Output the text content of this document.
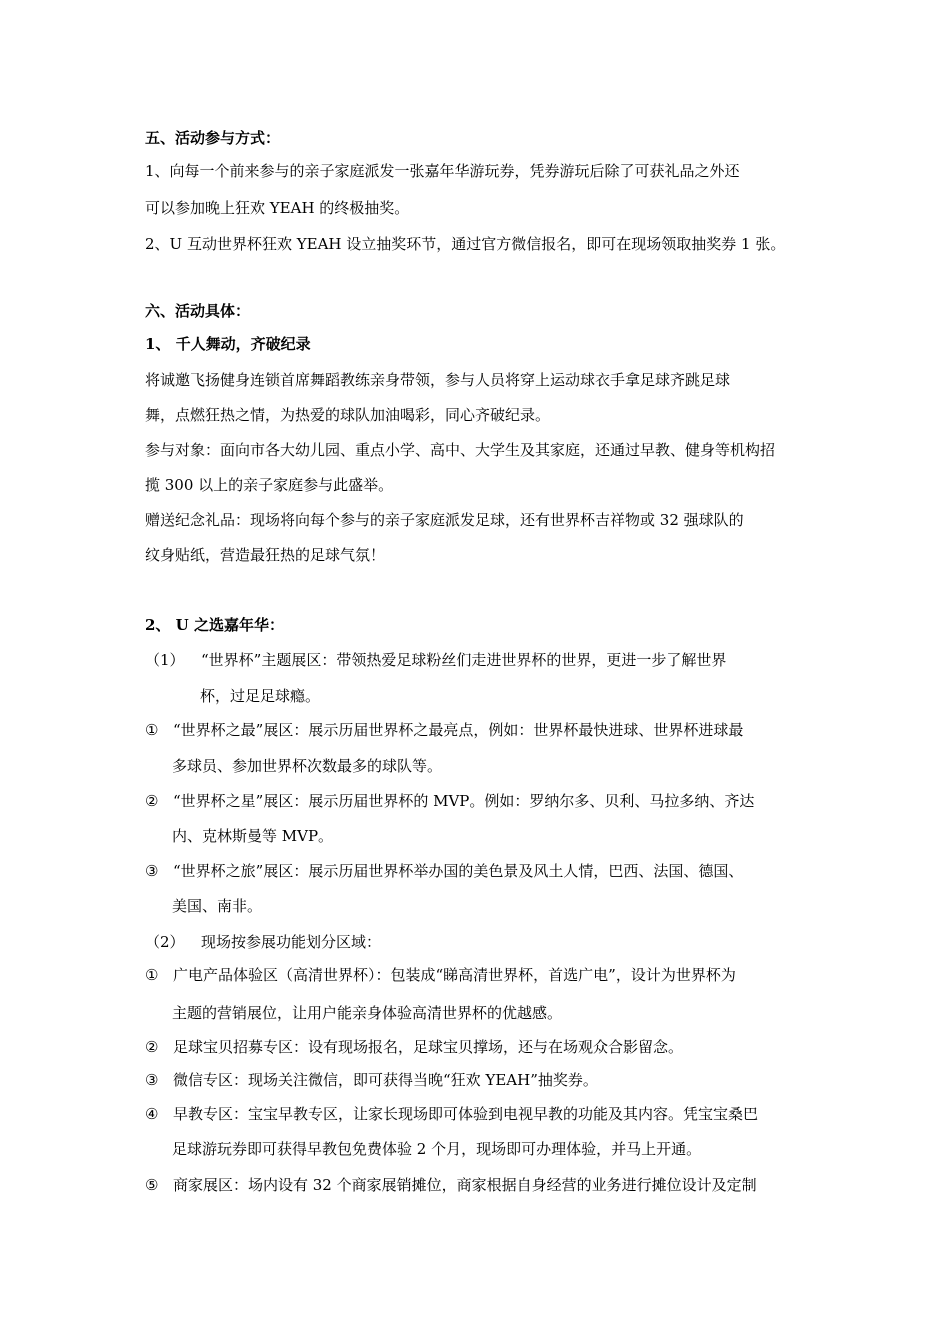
五、活动参与方式：
1、向每一个前来参与的亲子家庭派发一张嘉年华游玩券，凭券游玩后除了可获礼品之外还
可以参加晚上狂欢 YEAH 的终极抽奖。
2、U 互动世界杯狂欢 YEAH 设立抽奖环节，通过官方微信报名，即可在现场领取抽奖券 1 张。
六、活动具体：
1、 千人舞动，齐破纪录
将诚邀飞扬健身连锁首席舞蹈教练亲身带领，参与人员将穿上运动球衣手拿足球齐跳足球
舞，点燃狂热之情，为热爱的球队加油喝彩，同心齐破纪录。
参与对象：面向市各大幼儿园、重点小学、高中、大学生及其家庭，还通过早教、健身等机构招
揽 300 以上的亲子家庭参与此盛举。
赠送纪念礼品：现场将向每个参与的亲子家庭派发足球，还有世界杯吉祥物或 32 强球队的
纹身贴纸，营造最狂热的足球气氛！
2、 U 之选嘉年华：
（1） “世界杯”主题展区：带领热爱足球粉丝们走进世界杯的世界，更进一步了解世界
杯，过足足球瘾。
① “世界杯之最”展区：展示历届世界杯之最亮点，例如：世界杯最快进球、世界杯进球最
多球员、参加世界杯次数最多的球队等。
② “世界杯之星”展区：展示历届世界杯的 MVP。例如：罗纳尔多、贝利、马拉多纳、齐达
内、克林斯曼等 MVP。
③ “世界杯之旅”展区：展示历届世界杯举办国的美色景及风土人情，巴西、法国、德国、
美国、南非。
（2） 现场按参展功能划分区域：
① 广电产品体验区（高清世界杯）：包装成“睇高清世界杯，首选广电”，设计为世界杯为
主题的营销展位，让用户能亲身体验高清世界杯的优越感。
② 足球宝贝招募专区：设有现场报名，足球宝贝撑场，还与在场观众合影留念。
③ 微信专区：现场关注微信，即可获得当晚“狂欢 YEAH”抽奖券。
④ 早教专区：宝宝早教专区，让家长现场即可体验到电视早教的功能及其内容。凭宝宝桑巴
足球游玩券即可获得早教包免费体验 2 个月，现场即可办理体验，并马上开通。
⑤ 商家展区：场内设有 32 个商家展销摊位，商家根据自身经营的业务进行摊位设计及定制
